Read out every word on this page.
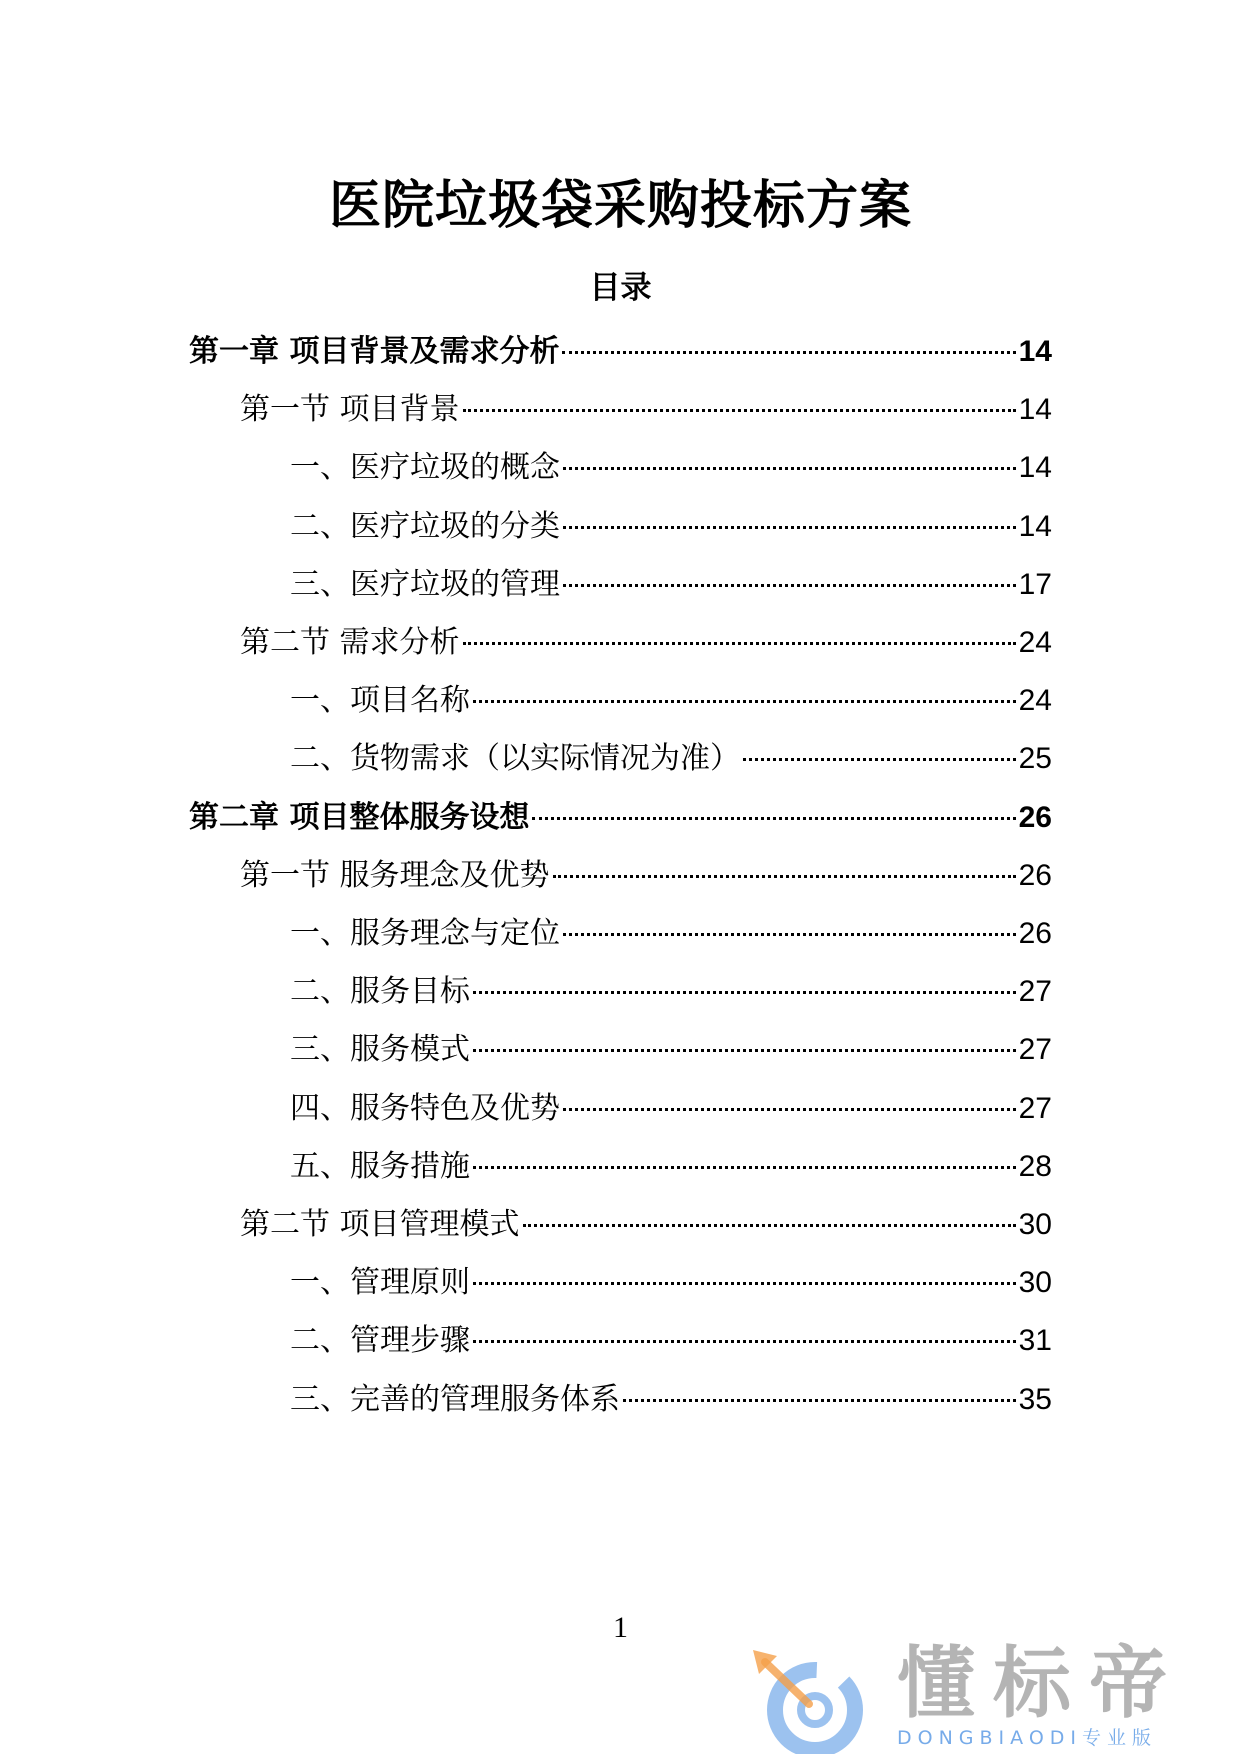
医院垃圾袋采购投标方案
目录
第一章 项目背景及需求分析	14
第一节 项目背景	14
一、医疗垃圾的概念	14
二、医疗垃圾的分类	14
三、医疗垃圾的管理	17
第二节 需求分析	24
一、项目名称	24
二、货物需求（以实际情况为准）	25
第二章 项目整体服务设想	26
第一节 服务理念及优势	26
一、服务理念与定位	26
二、服务目标	27
三、服务模式	27
四、服务特色及优势	27
五、服务措施	28
第二节 项目管理模式	30
一、管理原则	30
二、管理步骤	31
三、完善的管理服务体系	35
1
懂标帝
DONGBIAODI专业版
